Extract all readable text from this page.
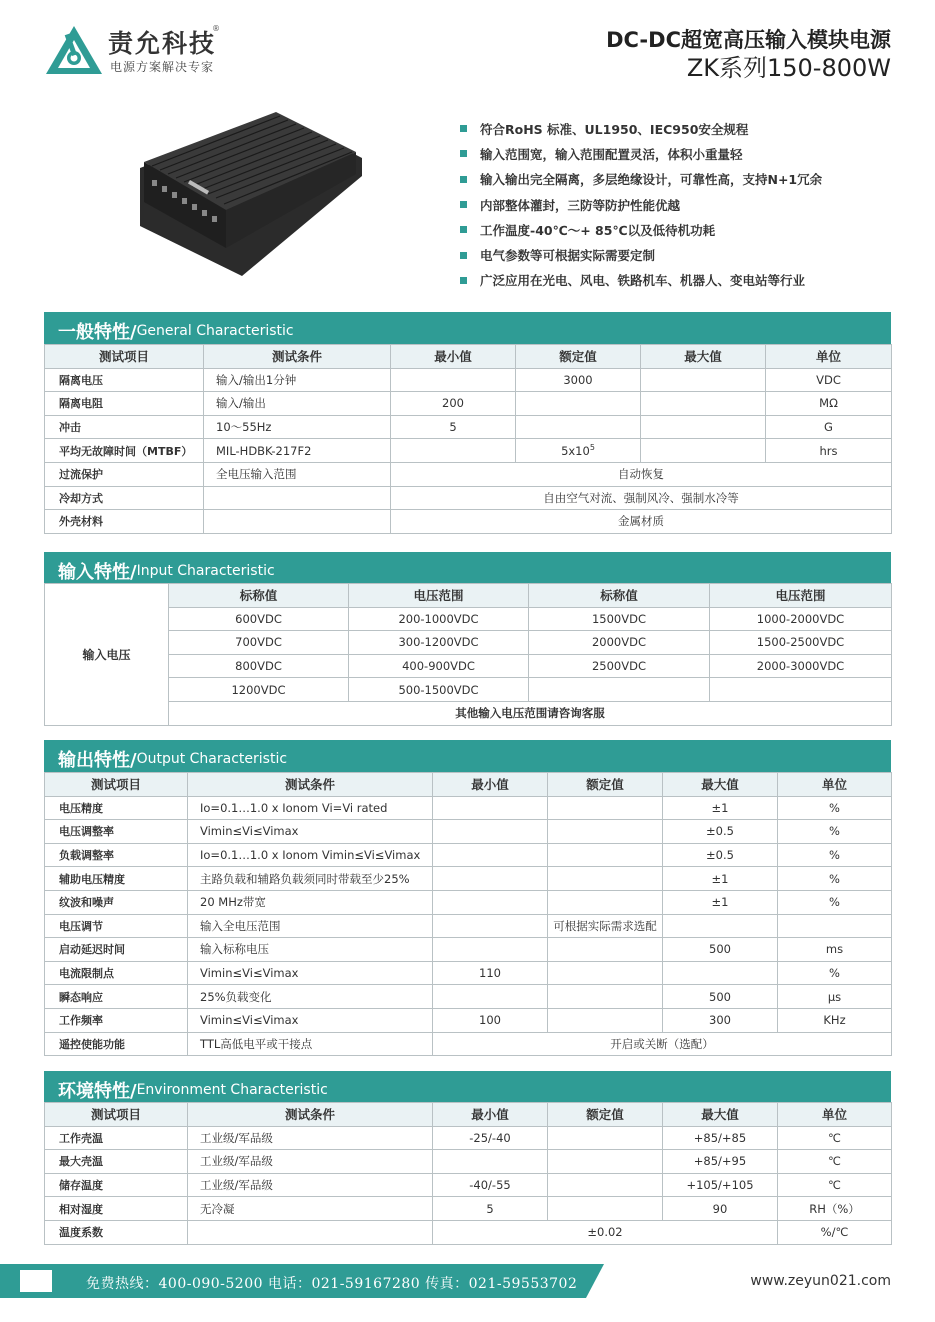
责允科技
®
电源方案解决专家
DC-DC超宽高压输入模块电源
ZK系列150-800W
符合RoHS 标准、UL1950、IEC950安全规程
输入范围宽，输入范围配置灵活，体积小重量轻
输入输出完全隔离，多层绝缘设计，可靠性高，支持N+1冗余
内部整体灌封，三防等防护性能优越
工作温度-40℃～+ 85℃以及低待机功耗
电气参数等可根据实际需要定制
广泛应用在光电、风电、铁路机车、机器人、变电站等行业
一般特性/ General Characteristic
测试项目	测试条件	最小值	额定值	最大值	单位
隔离电压	输入/输出1分钟		3000		VDC
隔离电阻	输入/输出	200			MΩ
冲击	10～55Hz	5			G
平均无故障时间（MTBF）	MIL-HDBK-217F2		$5x10^5$		hrs
过流保护	全电压输入范围	自动恢复			
冷却方式		自由空气对流、强制风冷、强制水冷等			
外壳材料		金属材质			
输入特性/ Input Characteristic
输入电压	标称值	电压范围	标称值	电压范围
	600VDC	200-1000VDC	1500VDC	1000-2000VDC
	700VDC	300-1200VDC	2000VDC	1500-2500VDC
	800VDC	400-900VDC	2500VDC	2000-3000VDC
	1200VDC	500-1500VDC		
	其他输入电压范围请咨询客服			
输出特性/ Output Characteristic
测试项目	测试条件	最小值	额定值	最大值	单位
电压精度	Io=0.1…1.0 x Ionom Vi=Vi rated			±1	%
电压调整率	Vimin≤Vi≤Vimax			±0.5	%
负载调整率	Io=0.1…1.0 x Ionom Vimin≤Vi≤Vimax			±0.5	%
辅助电压精度	主路负载和辅路负载须同时带载至少25%			±1	%
纹波和噪声	20 MHz带宽			±1	%
电压调节	输入全电压范围		可根据实际需求选配		
启动延迟时间	输入标称电压			500	ms
电流限制点	Vimin≤Vi≤Vimax	110			%
瞬态响应	25%负载变化			500	μs
工作频率	Vimin≤Vi≤Vimax	100		300	KHz
遥控使能功能	TTL高低电平或干接点	开启或关断（选配）			
环境特性/ Environment Characteristic
测试项目	测试条件	最小值	额定值	最大值	单位
工作壳温	工业级/军品级	-25/-40		+85/+85	℃
最大壳温	工业级/军品级			+85/+95	℃
储存温度	工业级/军品级	-40/-55		+105/+105	℃
相对湿度	无冷凝	5		90	RH（%）
温度系数		±0.02			%/℃
免费热线：400-090-5200 电话：021-59167280 传真：021-59553702	www.zeyun021.com
